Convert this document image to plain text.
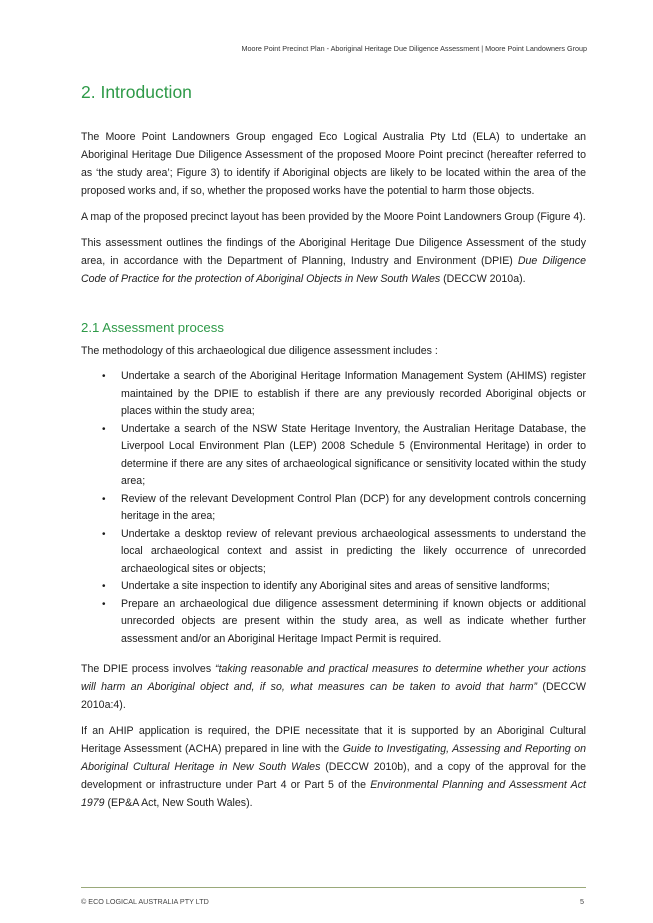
Moore Point Precinct Plan - Aboriginal Heritage Due Diligence Assessment | Moore Point Landowners Group
2. Introduction

The Moore Point Landowners Group engaged Eco Logical Australia Pty Ltd (ELA) to undertake an Aboriginal Heritage Due Diligence Assessment of the proposed Moore Point precinct (hereafter referred to as ‘the study area’; Figure 3) to identify if Aboriginal objects are likely to be located within the area of the proposed works and, if so, whether the proposed works have the potential to harm those objects.

A map of the proposed precinct layout has been provided by the Moore Point Landowners Group (Figure 4).

This assessment outlines the findings of the Aboriginal Heritage Due Diligence Assessment of the study area, in accordance with the Department of Planning, Industry and Environment (DPIE) Due Diligence Code of Practice for the protection of Aboriginal Objects in New South Wales (DECCW 2010a).

2.1 Assessment process

The methodology of this archaeological due diligence assessment includes :

• Undertake a search of the Aboriginal Heritage Information Management System (AHIMS) register maintained by the DPIE to establish if there are any previously recorded Aboriginal objects or places within the study area;
• Undertake a search of the NSW State Heritage Inventory, the Australian Heritage Database, the Liverpool Local Environment Plan (LEP) 2008 Schedule 5 (Environmental Heritage) in order to determine if there are any sites of archaeological significance or sensitivity located within the study area;
• Review of the relevant Development Control Plan (DCP) for any development controls concerning heritage in the area;
• Undertake a desktop review of relevant previous archaeological assessments to understand the local archaeological context and assist in predicting the likely occurrence of unrecorded archaeological sites or objects;
• Undertake a site inspection to identify any Aboriginal sites and areas of sensitive landforms;
• Prepare an archaeological due diligence assessment determining if known objects or additional unrecorded objects are present within the study area, as well as indicate whether further assessment and/or an Aboriginal Heritage Impact Permit is required.

The DPIE process involves “taking reasonable and practical measures to determine whether your actions will harm an Aboriginal object and, if so, what measures can be taken to avoid that harm” (DECCW 2010a:4).

If an AHIP application is required, the DPIE necessitate that it is supported by an Aboriginal Cultural Heritage Assessment (ACHA) prepared in line with the Guide to Investigating, Assessing and Reporting on Aboriginal Cultural Heritage in New South Wales (DECCW 2010b), and a copy of the approval for the development or infrastructure under Part 4 or Part 5 of the Environmental Planning and Assessment Act 1979 (EP&A Act, New South Wales).

© ECO LOGICAL AUSTRALIA PTY LTD	5
